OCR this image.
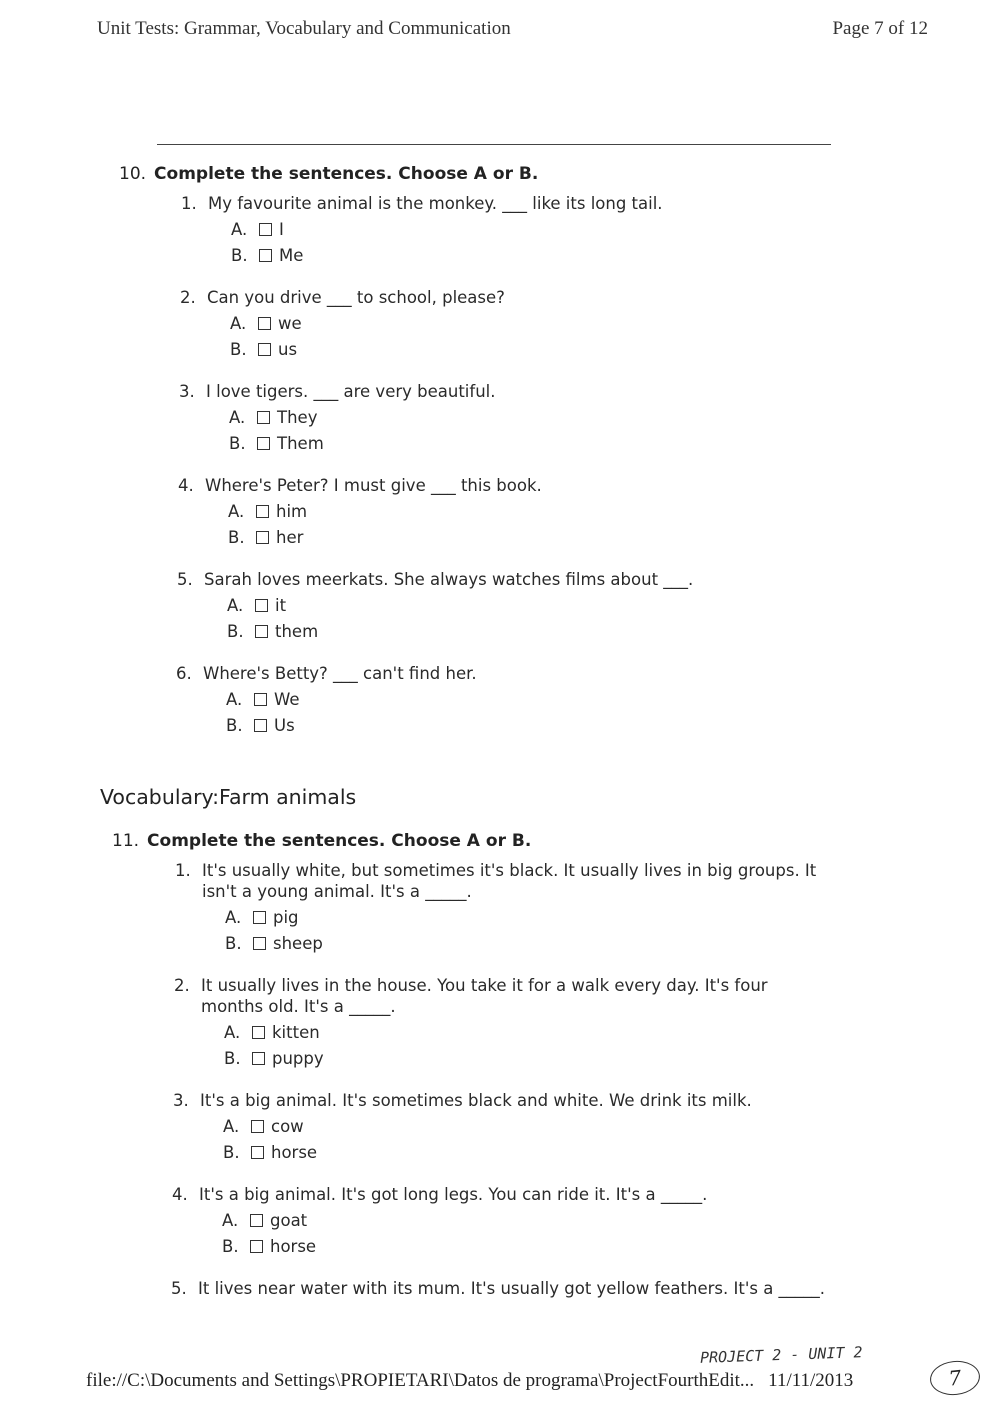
Unit Tests: Grammar, Vocabulary and Communication	Page 7 of 12
10. Complete the sentences. Choose A or B.
1. My favourite animal is the monkey. ___ like its long tail.
A.	I
B.	Me
2. Can you drive ___ to school, please?
A.	we
B.	us
3. I love tigers. ___ are very beautiful.
A.	They
B.	Them
4. Where's Peter? I must give ___ this book.
A.	him
B.	her
5. Sarah loves meerkats. She always watches films about ___.
A.	it
B.	them
6. Where's Betty? ___ can't find her.
A.	We
B.	Us
Vocabulary:Farm animals
11. Complete the sentences. Choose A or B.
1. It's usually white, but sometimes it's black. It usually lives in big groups. It isn't a young animal. It's a _____.
A.	pig
B.	sheep
2. It usually lives in the house. You take it for a walk every day. It's four months old. It's a _____.
A.	kitten
B.	puppy
3. It's a big animal. It's sometimes black and white. We drink its milk.
A.	cow
B.	horse
4. It's a big animal. It's got long legs. You can ride it. It's a _____.
A.	goat
B.	horse
5. It lives near water with its mum. It's usually got yellow feathers. It's a _____.
PROJECT 2 - UNIT 2
7
file://C:\Documents and Settings\PROPIETARI\Datos de programa\ProjectFourthEdit... 11/11/2013
